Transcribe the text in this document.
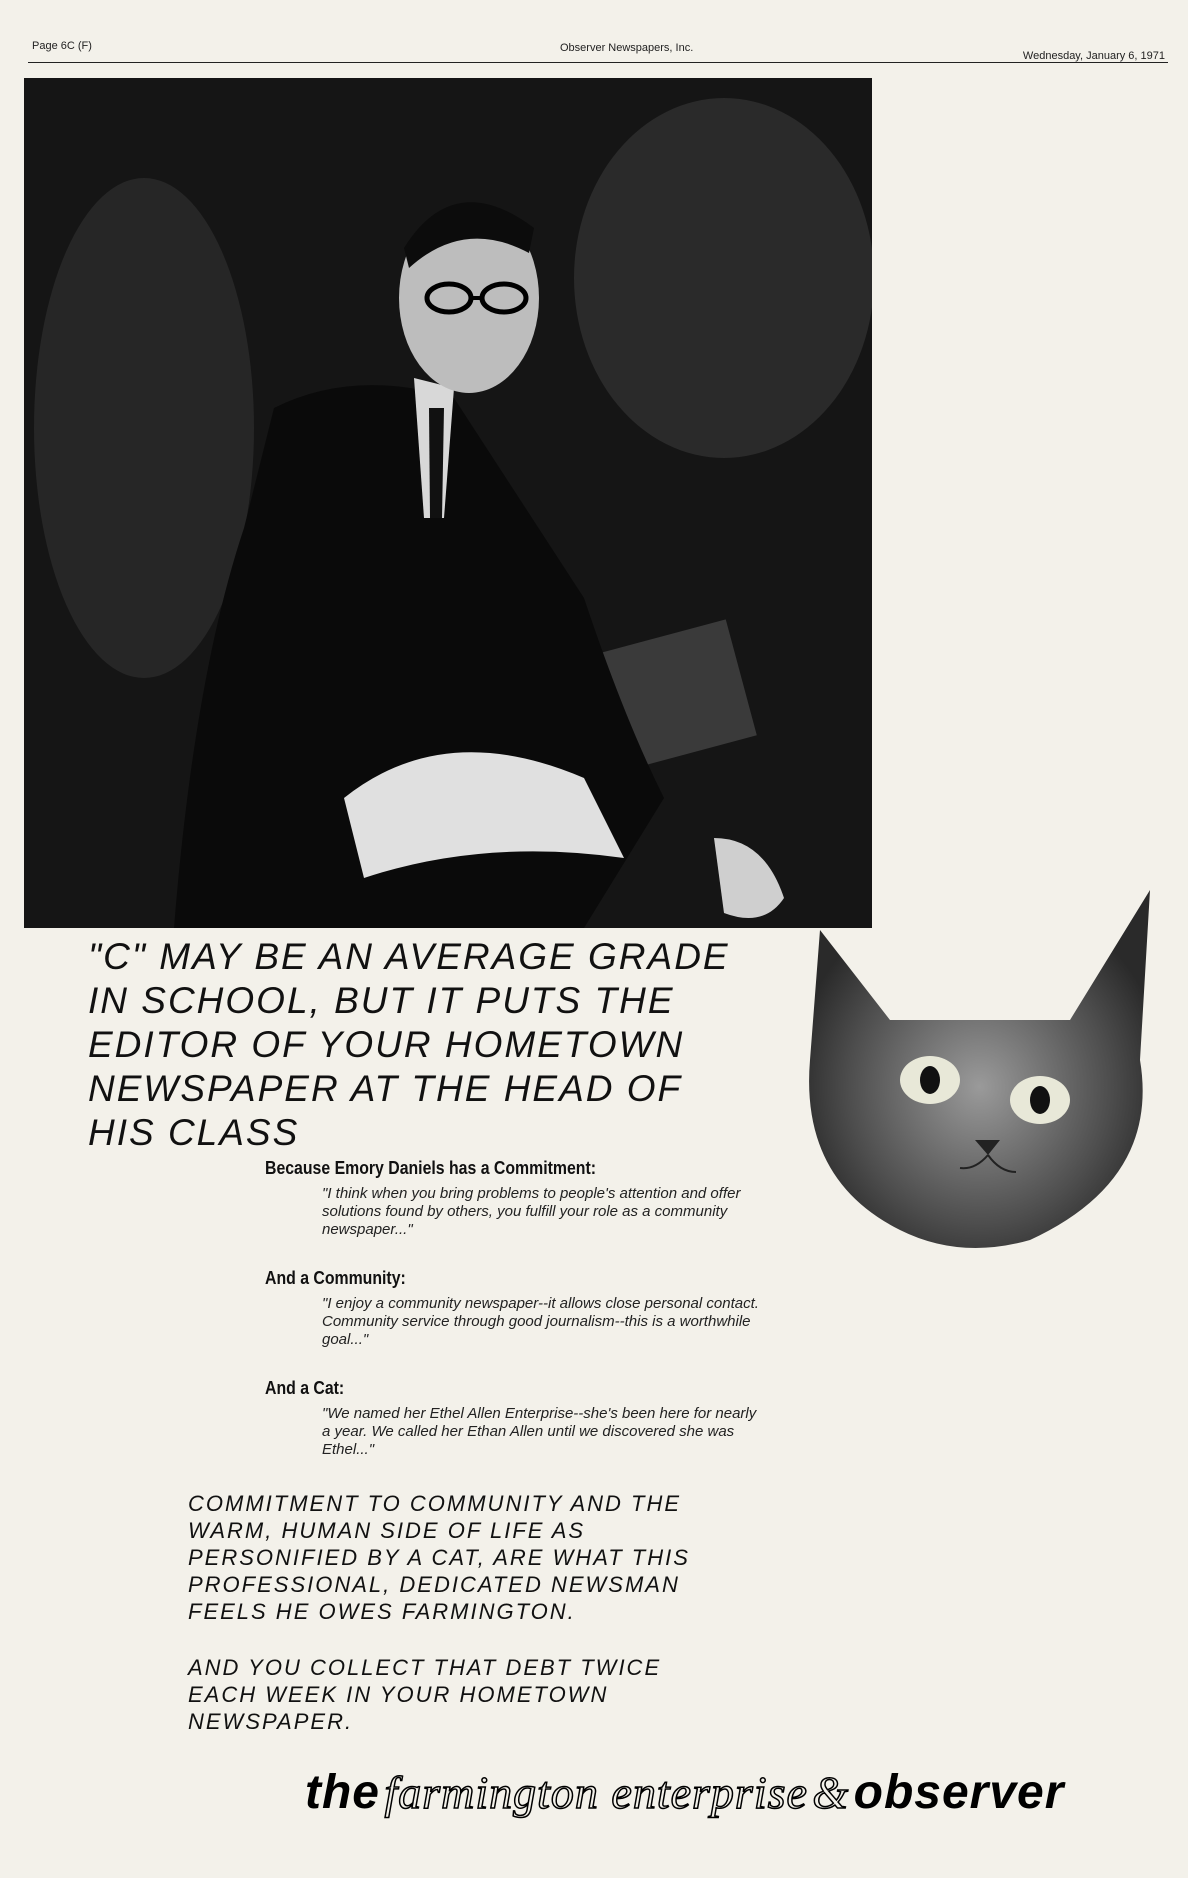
Page 6C (F)	Observer Newspapers, Inc.
Wednesday, January 6, 1971
"C" MAY BE AN AVERAGE GRADE
IN SCHOOL, BUT IT PUTS THE
EDITOR OF YOUR HOMETOWN
NEWSPAPER AT THE HEAD OF
HIS CLASS
Because Emory Daniels has a Commitment:
"I think when you bring problems to people's attention and offer solutions found by others, you fulfill your role as a community newspaper..."
And a Community:
"I enjoy a community newspaper--it allows close personal contact. Community service through good journalism--this is a worthwhile goal..."
And a Cat:
"We named her Ethel Allen Enterprise--she's been here for nearly a year. We called her Ethan Allen until we discovered she was Ethel..."
COMMITMENT TO COMMUNITY AND THE
WARM, HUMAN SIDE OF LIFE AS
PERSONIFIED BY A CAT, ARE WHAT THIS
PROFESSIONAL, DEDICATED NEWSMAN
FEELS HE OWES FARMINGTON.
AND YOU COLLECT THAT DEBT TWICE
EACH WEEK IN YOUR HOMETOWN
NEWSPAPER.
the farmington enterprise & observer
